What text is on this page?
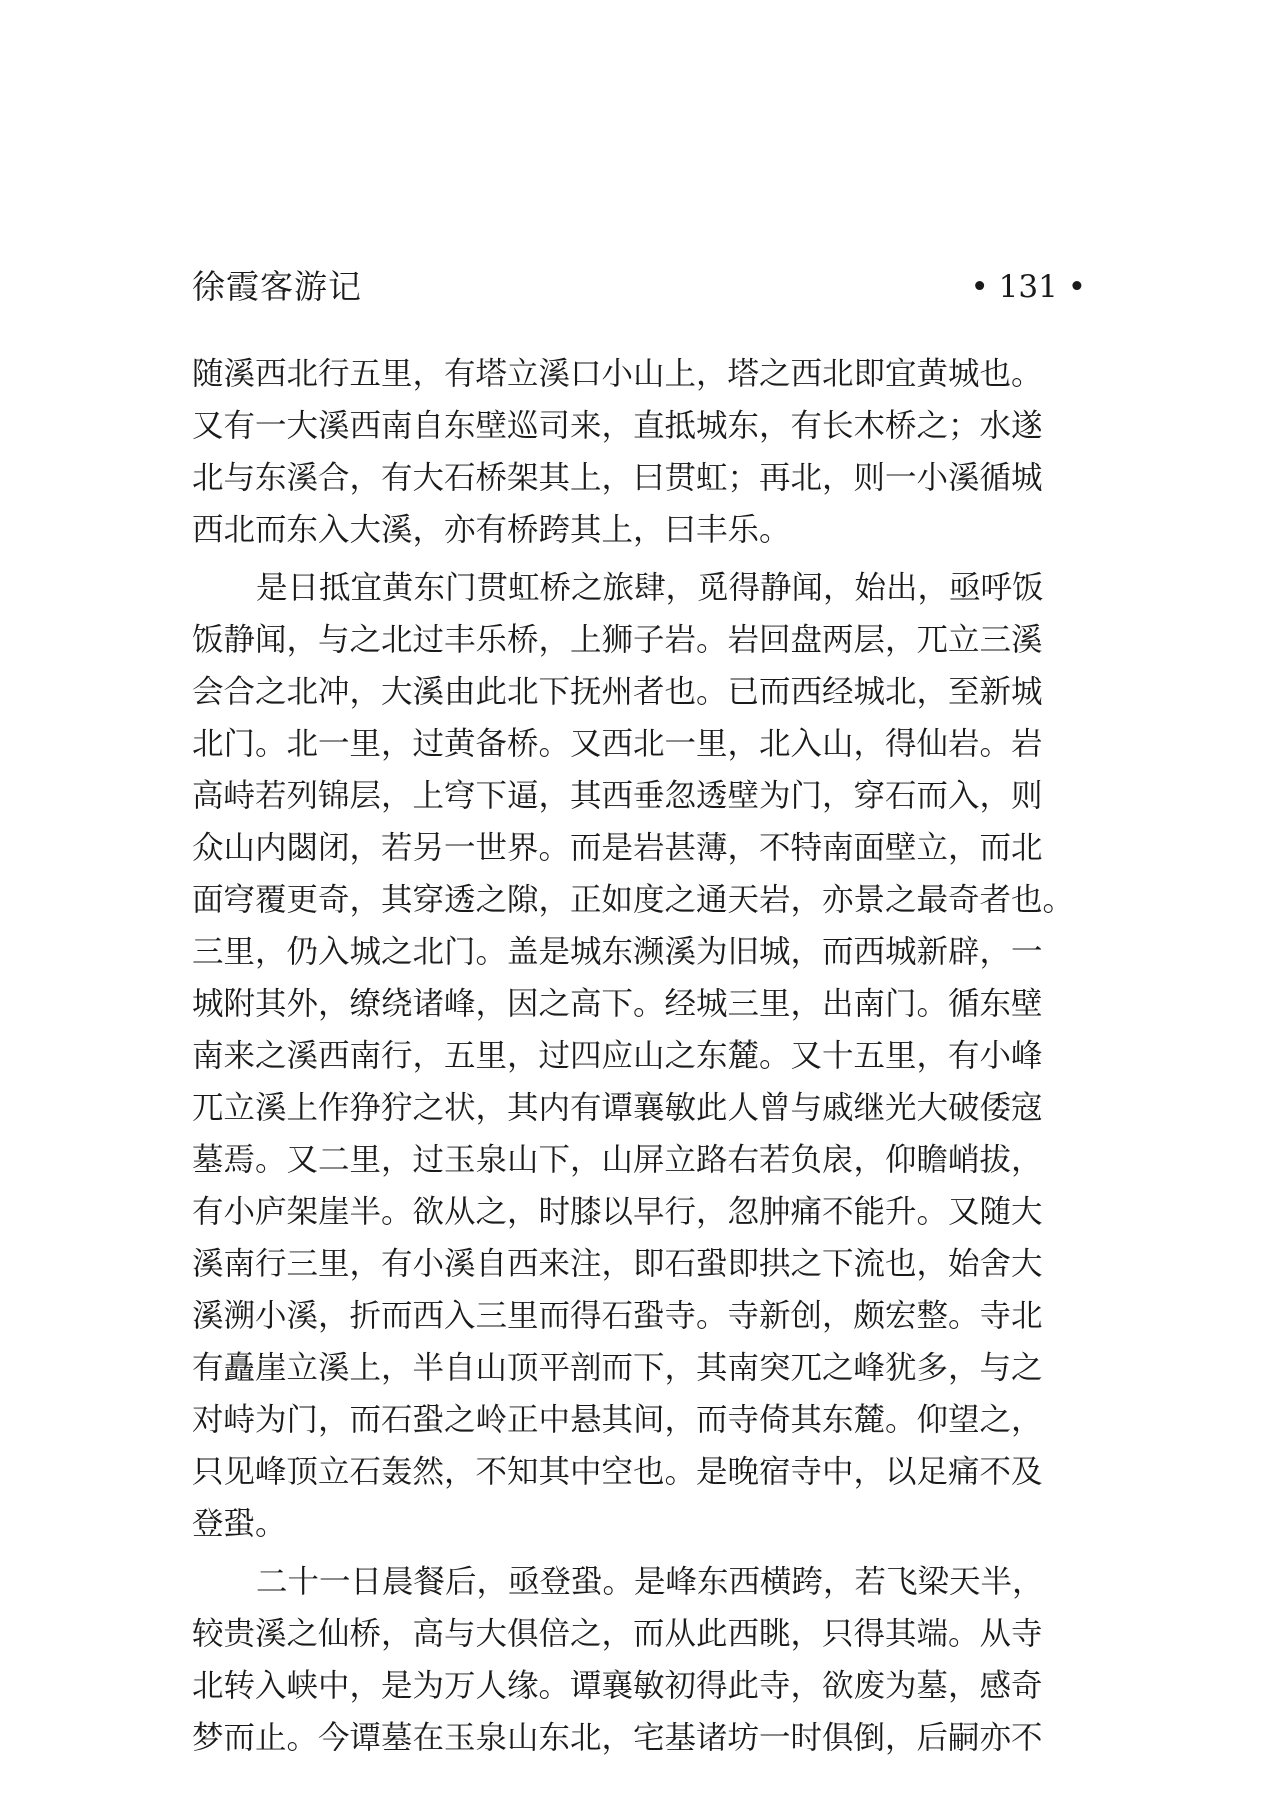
徐霞客游记	• 131 •
随溪西北行五里，有塔立溪口小山上，塔之西北即宜黄城也。
又有一大溪西南自东壁巡司来，直抵城东，有长木桥之；水遂
北与东溪合，有大石桥架其上，曰贯虹；再北，则一小溪循城
西北而东入大溪，亦有桥跨其上，曰丰乐。
是日抵宜黄东门贯虹桥之旅肆，觅得静闻，始出，亟呼饭
饭静闻，与之北过丰乐桥，上狮子岩。岩回盘两层，兀立三溪
会合之北冲，大溪由此北下抚州者也。已而西经城北，至新城
北门。北一里，过黄备桥。又西北一里，北入山，得仙岩。岩
高峙若列锦层，上穹下逼，其西垂忽透壁为门，穿石而入，则
众山内閟闭，若另一世界。而是岩甚薄，不特南面壁立，而北
面穹覆更奇，其穿透之隙，正如度之通天岩，亦景之最奇者也。
三里，仍入城之北门。盖是城东濒溪为旧城，而西城新辟，一
城附其外，缭绕诸峰，因之高下。经城三里，出南门。循东壁
南来之溪西南行，五里，过四应山之东麓。又十五里，有小峰
兀立溪上作狰狞之状，其内有谭襄敏此人曾与戚继光大破倭寇
墓焉。又二里，过玉泉山下，山屏立路右若负扆，仰瞻峭拔，
有小庐架崖半。欲从之，时膝以早行，忽肿痛不能升。又随大
溪南行三里，有小溪自西来注，即石蛩即拱之下流也，始舍大
溪溯小溪，折而西入三里而得石蛩寺。寺新创，颇宏整。寺北
有矗崖立溪上，半自山顶平剖而下，其南突兀之峰犹多，与之
对峙为门，而石蛩之岭正中悬其间，而寺倚其东麓。仰望之，
只见峰顶立石轰然，不知其中空也。是晚宿寺中，以足痛不及
登蛩。
二十一日晨餐后，亟登蛩。是峰东西横跨，若飞梁天半，
较贵溪之仙桥，高与大俱倍之，而从此西眺，只得其端。从寺
北转入峡中，是为万人缘。谭襄敏初得此寺，欲废为墓，感奇
梦而止。今谭墓在玉泉山东北，宅基诸坊一时俱倒，后嗣亦不
